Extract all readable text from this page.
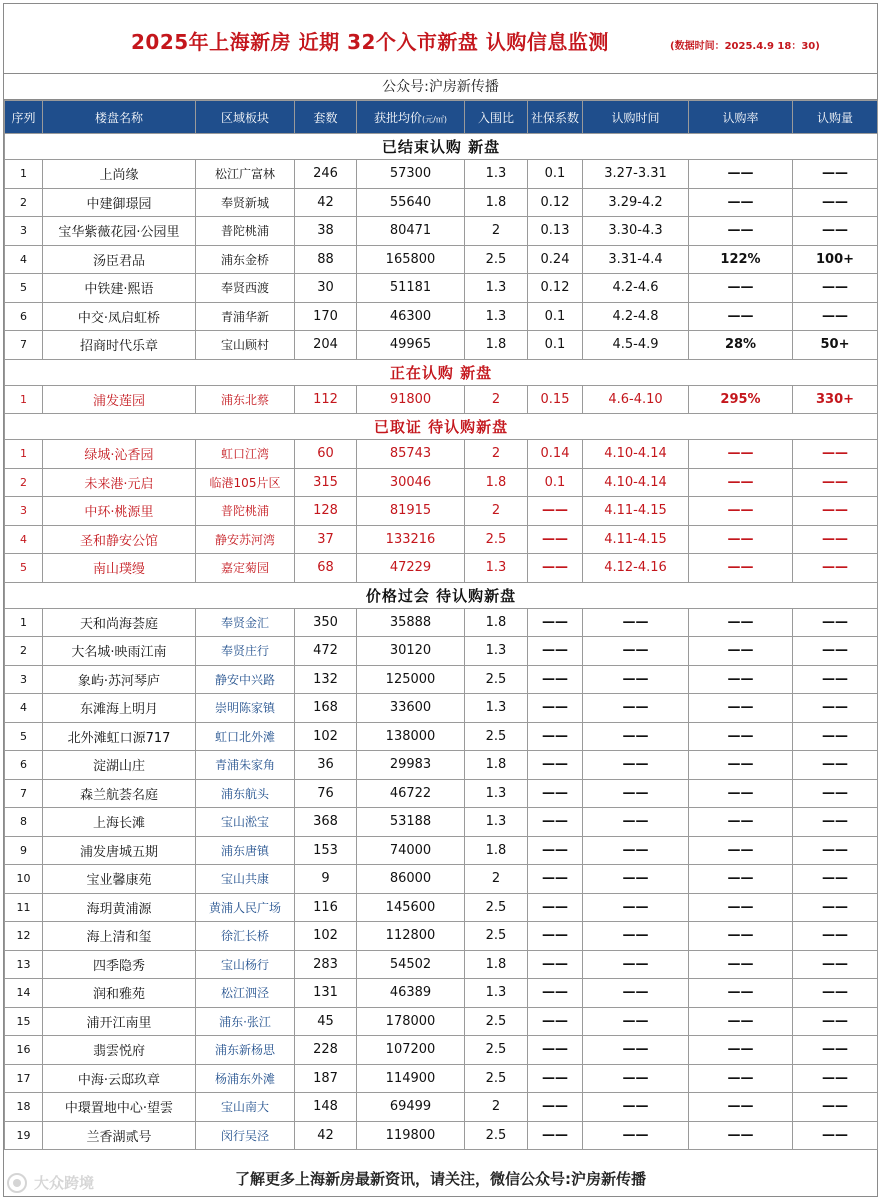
2025年上海新房 近期 32个入市新盘 认购信息监测	(数据时间：2025.4.9 18：30)
公众号:沪房新传播
序列	楼盘名称	区域板块	套数	获批均价(元/㎡)	入围比	社保系数	认购时间	认购率	认购量
已结束认购 新盘									
1	上尚缘	松江广富林	246	57300	1.3	0.1	3.27-3.31	——	——
2	中建御璟园	奉贤新城	42	55640	1.8	0.12	3.29-4.2	——	——
3	宝华紫薇花园·公园里	普陀桃浦	38	80471	2	0.13	3.30-4.3	——	——
4	汤臣君品	浦东金桥	88	165800	2.5	0.24	3.31-4.4	122%	100+
5	中铁建·熙语	奉贤西渡	30	51181	1.3	0.12	4.2-4.6	——	——
6	中交·凤启虹桥	青浦华新	170	46300	1.3	0.1	4.2-4.8	——	——
7	招商时代乐章	宝山顾村	204	49965	1.8	0.1	4.5-4.9	28%	50+
正在认购 新盘									
1	浦发莲园	浦东北蔡	112	91800	2	0.15	4.6-4.10	295%	330+
已取证 待认购新盘									
1	绿城·沁香园	虹口江湾	60	85743	2	0.14	4.10-4.14	——	——
2	未来港·元启	临港105片区	315	30046	1.8	0.1	4.10-4.14	——	——
3	中环·桃源里	普陀桃浦	128	81915	2	——	4.11-4.15	——	——
4	圣和静安公馆	静安苏河湾	37	133216	2.5	——	4.11-4.15	——	——
5	南山璞缦	嘉定菊园	68	47229	1.3	——	4.12-4.16	——	——
价格过会 待认购新盘									
1	天和尚海荟庭	奉贤金汇	350	35888	1.8	——	——	——	——
2	大名城·映雨江南	奉贤庄行	472	30120	1.3	——	——	——	——
3	象屿·苏河琴庐	静安中兴路	132	125000	2.5	——	——	——	——
4	东滩海上明月	崇明陈家镇	168	33600	1.3	——	——	——	——
5	北外滩虹口源717	虹口北外滩	102	138000	2.5	——	——	——	——
6	淀湖山庄	青浦朱家角	36	29983	1.8	——	——	——	——
7	森兰航荟名庭	浦东航头	76	46722	1.3	——	——	——	——
8	上海长滩	宝山淞宝	368	53188	1.3	——	——	——	——
9	浦发唐城五期	浦东唐镇	153	74000	1.8	——	——	——	——
10	宝业馨康苑	宝山共康	9	86000	2	——	——	——	——
11	海玥黄浦源	黄浦人民广场	116	145600	2.5	——	——	——	——
12	海上清和玺	徐汇长桥	102	112800	2.5	——	——	——	——
13	四季隐秀	宝山杨行	283	54502	1.8	——	——	——	——
14	润和雅苑	松江泗泾	131	46389	1.3	——	——	——	——
15	浦开江南里	浦东·张江	45	178000	2.5	——	——	——	——
16	翡雲悦府	浦东新杨思	228	107200	2.5	——	——	——	——
17	中海·云邸玖章	杨浦东外滩	187	114900	2.5	——	——	——	——
18	中環置地中心·望雲	宝山南大	148	69499	2	——	——	——	——
19	兰香湖贰号	闵行吴泾	42	119800	2.5	——	——	——	——
了解更多上海新房最新资讯，请关注，微信公众号:沪房新传播
大众跨境
